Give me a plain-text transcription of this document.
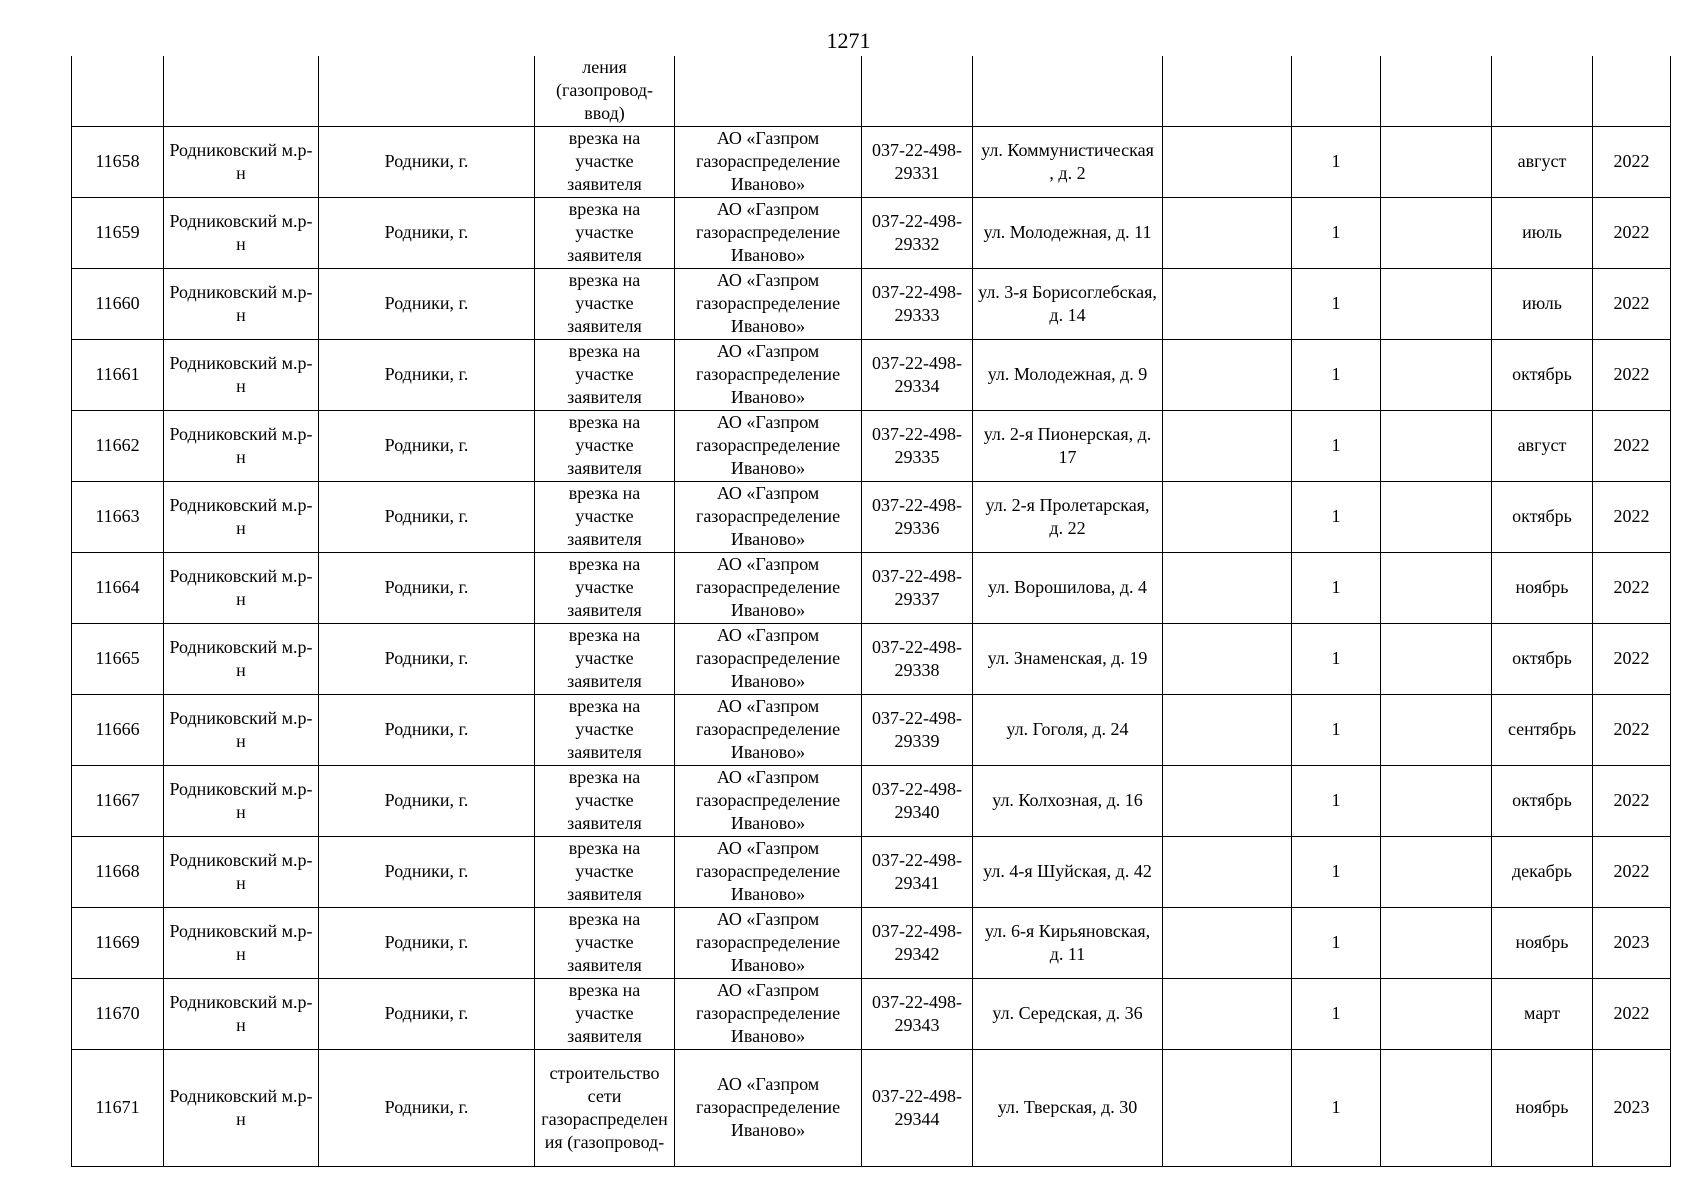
1271
			ления (газопровод-ввод)								
11658	Родниковский м.р-н	Родники, г.	врезка на участке заявителя	АО «Газпром газораспределение Иваново»	037-22-498-29331	ул. Коммунистическая , д. 2		1		август	2022
11659	Родниковский м.р-н	Родники, г.	врезка на участке заявителя	АО «Газпром газораспределение Иваново»	037-22-498-29332	ул. Молодежная, д. 11		1		июль	2022
11660	Родниковский м.р-н	Родники, г.	врезка на участке заявителя	АО «Газпром газораспределение Иваново»	037-22-498-29333	ул. 3-я Борисоглебская, д. 14		1		июль	2022
11661	Родниковский м.р-н	Родники, г.	врезка на участке заявителя	АО «Газпром газораспределение Иваново»	037-22-498-29334	ул. Молодежная, д. 9		1		октябрь	2022
11662	Родниковский м.р-н	Родники, г.	врезка на участке заявителя	АО «Газпром газораспределение Иваново»	037-22-498-29335	ул. 2-я Пионерская, д. 17		1		август	2022
11663	Родниковский м.р-н	Родники, г.	врезка на участке заявителя	АО «Газпром газораспределение Иваново»	037-22-498-29336	ул. 2-я Пролетарская, д. 22		1		октябрь	2022
11664	Родниковский м.р-н	Родники, г.	врезка на участке заявителя	АО «Газпром газораспределение Иваново»	037-22-498-29337	ул. Ворошилова, д. 4		1		ноябрь	2022
11665	Родниковский м.р-н	Родники, г.	врезка на участке заявителя	АО «Газпром газораспределение Иваново»	037-22-498-29338	ул. Знаменская, д. 19		1		октябрь	2022
11666	Родниковский м.р-н	Родники, г.	врезка на участке заявителя	АО «Газпром газораспределение Иваново»	037-22-498-29339	ул. Гоголя, д. 24		1		сентябрь	2022
11667	Родниковский м.р-н	Родники, г.	врезка на участке заявителя	АО «Газпром газораспределение Иваново»	037-22-498-29340	ул. Колхозная, д. 16		1		октябрь	2022
11668	Родниковский м.р-н	Родники, г.	врезка на участке заявителя	АО «Газпром газораспределение Иваново»	037-22-498-29341	ул. 4-я Шуйская, д. 42		1		декабрь	2022
11669	Родниковский м.р-н	Родники, г.	врезка на участке заявителя	АО «Газпром газораспределение Иваново»	037-22-498-29342	ул. 6-я Кирьяновская, д. 11		1		ноябрь	2023
11670	Родниковский м.р-н	Родники, г.	врезка на участке заявителя	АО «Газпром газораспределение Иваново»	037-22-498-29343	ул. Середская, д. 36		1		март	2022
11671	Родниковский м.р-н	Родники, г.	строительство сети газораспределения (газопровод-	АО «Газпром газораспределение Иваново»	037-22-498-29344	ул. Тверская, д. 30		1		ноябрь	2023
